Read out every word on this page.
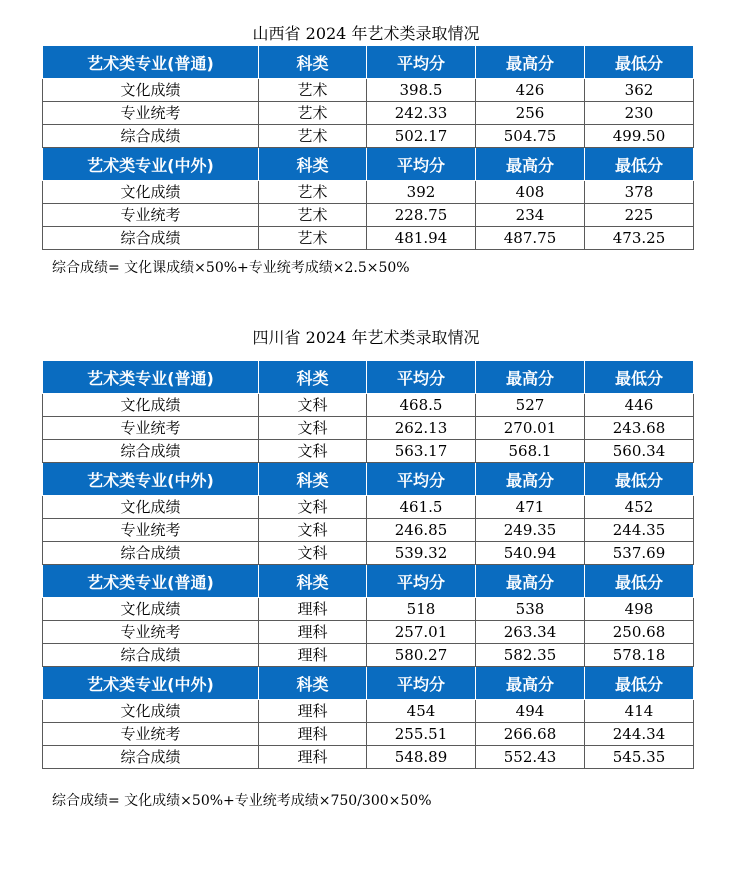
山西省 2024 年艺术类录取情况
艺术类专业(普通)	科类	平均分	最高分	最低分
文化成绩	艺术	398.5	426	362
专业统考	艺术	242.33	256	230
综合成绩	艺术	502.17	504.75	499.50
艺术类专业(中外)	科类	平均分	最高分	最低分
文化成绩	艺术	392	408	378
专业统考	艺术	228.75	234	225
综合成绩	艺术	481.94	487.75	473.25
综合成绩= 文化课成绩×50%+专业统考成绩×2.5×50%
四川省 2024 年艺术类录取情况
艺术类专业(普通)	科类	平均分	最高分	最低分
文化成绩	文科	468.5	527	446
专业统考	文科	262.13	270.01	243.68
综合成绩	文科	563.17	568.1	560.34
艺术类专业(中外)	科类	平均分	最高分	最低分
文化成绩	文科	461.5	471	452
专业统考	文科	246.85	249.35	244.35
综合成绩	文科	539.32	540.94	537.69
艺术类专业(普通)	科类	平均分	最高分	最低分
文化成绩	理科	518	538	498
专业统考	理科	257.01	263.34	250.68
综合成绩	理科	580.27	582.35	578.18
艺术类专业(中外)	科类	平均分	最高分	最低分
文化成绩	理科	454	494	414
专业统考	理科	255.51	266.68	244.34
综合成绩	理科	548.89	552.43	545.35
综合成绩= 文化成绩×50%+专业统考成绩×750/300×50%
